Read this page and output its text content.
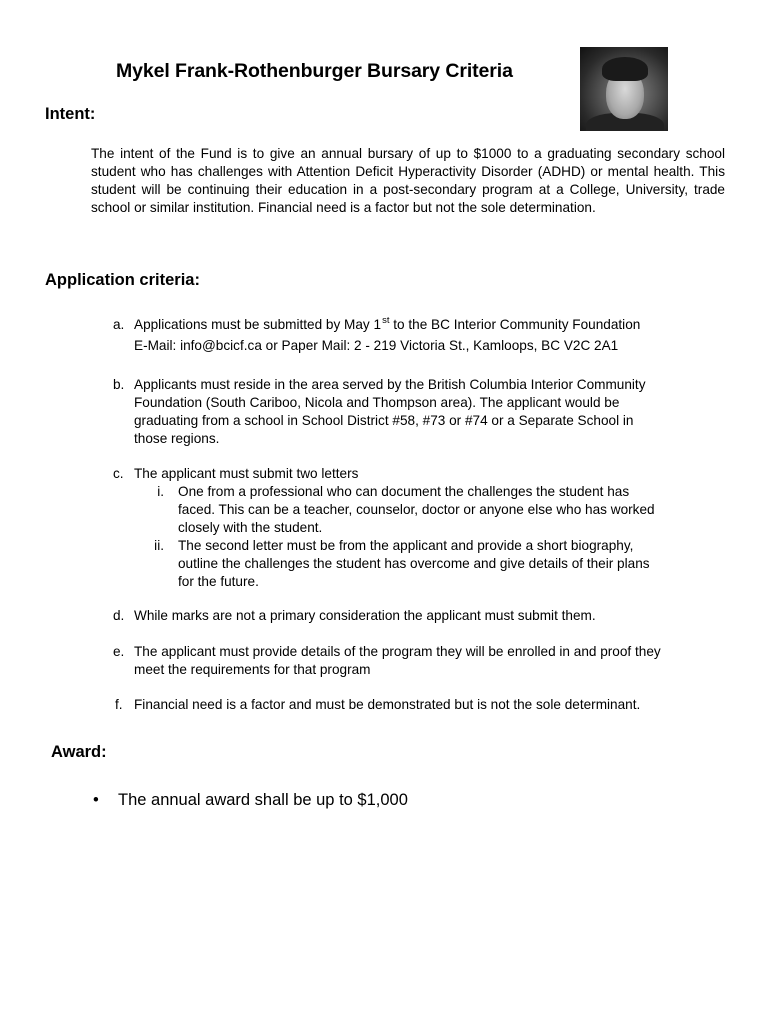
Mykel Frank-Rothenburger Bursary Criteria
Intent:
The intent of the Fund is to give an annual bursary of up to $1000 to a graduating secondary school student who has challenges with Attention Deficit Hyperactivity Disorder (ADHD) or mental health. This student will be continuing their education in a post-secondary program at a College, University, trade school or similar institution. Financial need is a factor but not the sole determination.
Application criteria:
a. Applications must be submitted by May 1st to the BC Interior Community Foundation
E-Mail: info@bcicf.ca or Paper Mail: 2 - 219 Victoria St., Kamloops, BC V2C 2A1
b. Applicants must reside in the area served by the British Columbia Interior Community
Foundation (South Cariboo, Nicola and Thompson area). The applicant would be
graduating from a school in School District #58, #73 or #74 or a Separate School in
those regions.
c. The applicant must submit two letters
i. One from a professional who can document the challenges the student has
faced. This can be a teacher, counselor, doctor or anyone else who has worked
closely with the student.
ii. The second letter must be from the applicant and provide a short biography,
outline the challenges the student has overcome and give details of their plans
for the future.
d. While marks are not a primary consideration the applicant must submit them.
e. The applicant must provide details of the program they will be enrolled in and proof they
meet the requirements for that program
f. Financial need is a factor and must be demonstrated but is not the sole determinant.
Award:
• The annual award shall be up to $1,000
